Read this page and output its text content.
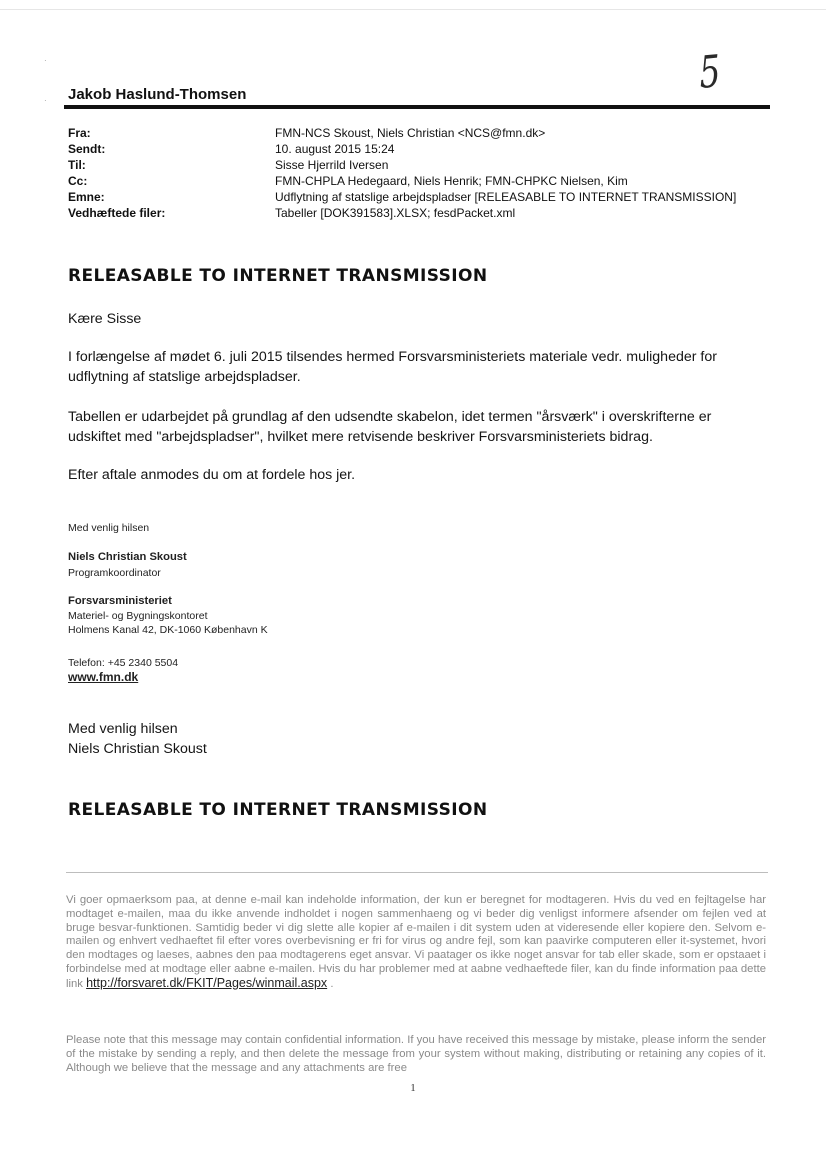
·
·
5
Jakob Haslund-Thomsen
Fra:	FMN-NCS Skoust, Niels Christian <NCS@fmn.dk>
Sendt:	10. august 2015 15:24
Til:	Sisse Hjerrild Iversen
Cc:	FMN-CHPLA Hedegaard, Niels Henrik; FMN-CHPKC Nielsen, Kim
Emne:	Udflytning af statslige arbejdspladser [RELEASABLE TO INTERNET TRANSMISSION]
Vedhæftede filer:	Tabeller [DOK391583].XLSX; fesdPacket.xml
RELEASABLE TO INTERNET TRANSMISSION
Kære Sisse
I forlængelse af mødet 6. juli 2015 tilsendes hermed Forsvarsministeriets materiale vedr. muligheder for udflytning af statslige arbejdspladser.
Tabellen er udarbejdet på grundlag af den udsendte skabelon, idet termen "årsværk" i overskrifterne er udskiftet med "arbejdspladser", hvilket mere retvisende beskriver Forsvarsministeriets bidrag.
Efter aftale anmodes du om at fordele hos jer.
Med venlig hilsen
Niels Christian Skoust
Programkoordinator
Forsvarsministeriet
Materiel- og Bygningskontoret
Holmens Kanal 42, DK-1060 København K
Telefon: +45 2340 5504
www.fmn.dk
Med venlig hilsen
Niels Christian Skoust
RELEASABLE TO INTERNET TRANSMISSION
Vi goer opmaerksom paa, at denne e-mail kan indeholde information, der kun er beregnet for modtageren. Hvis du ved en fejltagelse har modtaget e-mailen, maa du ikke anvende indholdet i nogen sammenhaeng og vi beder dig venligst informere afsender om fejlen ved at bruge besvar-funktionen. Samtidig beder vi dig slette alle kopier af e-mailen i dit system uden at videresende eller kopiere den. Selvom e-mailen og enhvert vedhaeftet fil efter vores overbevisning er fri for virus og andre fejl, som kan paavirke computeren eller it-systemet, hvori den modtages og laeses, aabnes den paa modtagerens eget ansvar. Vi paatager os ikke noget ansvar for tab eller skade, som er opstaaet i forbindelse med at modtage eller aabne e-mailen. Hvis du har problemer med at aabne vedhaeftede filer, kan du finde information paa dette link http://forsvaret.dk/FKIT/Pages/winmail.aspx .
Please note that this message may contain confidential information. If you have received this message by mistake, please inform the sender of the mistake by sending a reply, and then delete the message from your system without making, distributing or retaining any copies of it. Although we believe that the message and any attachments are free
1
